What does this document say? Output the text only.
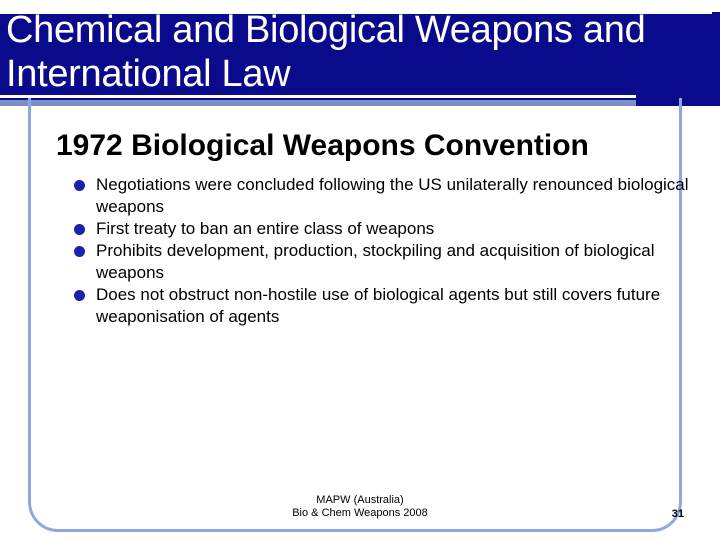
Chemical and Biological Weapons and International Law
1972 Biological Weapons Convention
Negotiations were concluded following the US unilaterally renounced biological weapons
First treaty to ban an entire class of weapons
Prohibits development, production, stockpiling and acquisition of biological weapons
Does not obstruct non-hostile use of biological agents but still covers future weaponisation of agents
MAPW (Australia)
Bio & Chem Weapons 2008	31
